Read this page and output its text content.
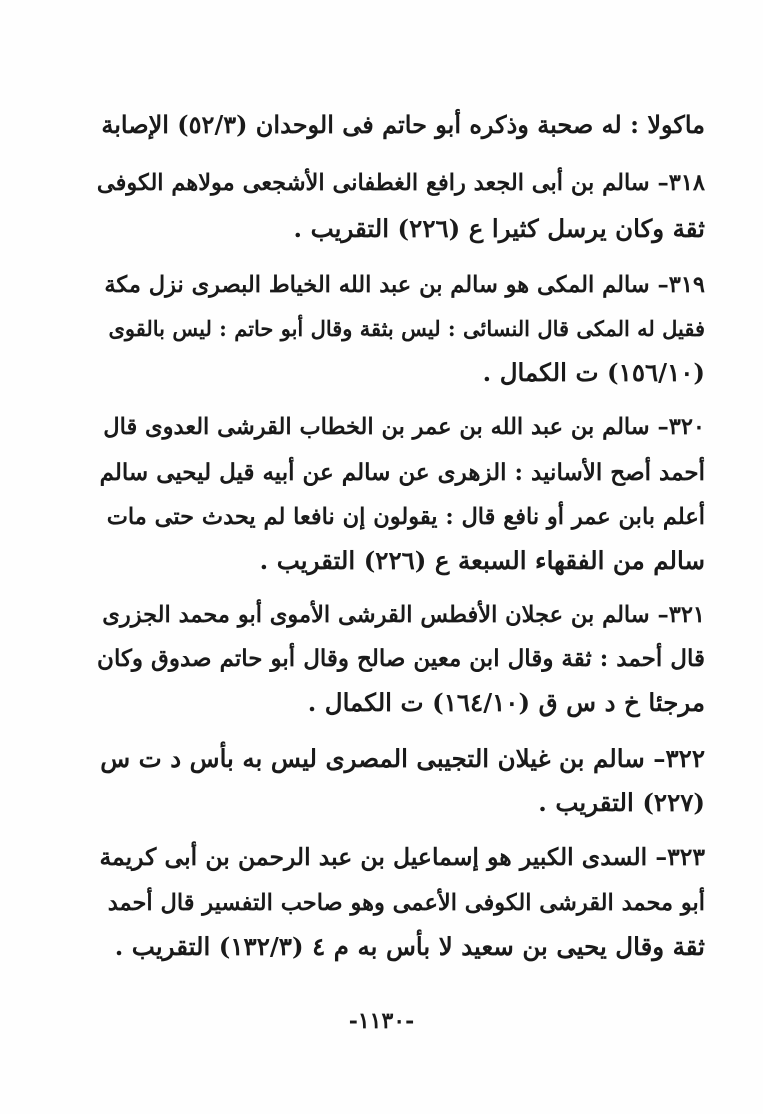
ماكولا : له صحبة وذكره أبو حاتم فى الوحدان (٥٢/٣) الإصابة
٣١٨– سالم بن أبى الجعد رافع الغطفانى الأشجعى مولاهم الكوفى
ثقة وكان يرسل كثيرا ع (٢٢٦) التقريب .
٣١٩– سالم المكى هو سالم بن عبد الله الخياط البصرى نزل مكة
فقيل له المكى قال النسائى : ليس بثقة وقال أبو حاتم : ليس بالقوى
(١٥٦/١٠) ت الكمال .
٣٢٠– سالم بن عبد الله بن عمر بن الخطاب القرشى العدوى قال
أحمد أصح الأسانيد : الزهرى عن سالم عن أبيه قيل ليحيى سالم
أعلم بابن عمر أو نافع قال : يقولون إن نافعا لم يحدث حتى مات
سالم من الفقهاء السبعة ع (٢٢٦) التقريب .
٣٢١– سالم بن عجلان الأفطس القرشى الأموى أبو محمد الجزرى
قال أحمد : ثقة وقال ابن معين صالح وقال أبو حاتم صدوق وكان
مرجئا خ د س ق (١٦٤/١٠) ت الكمال .
٣٢٢– سالم بن غيلان التجيبى المصرى ليس به بأس د ت س
(٢٢٧) التقريب .
٣٢٣– السدى الكبير هو إسماعيل بن عبد الرحمن بن أبى كريمة
أبو محمد القرشى الكوفى الأعمى وهو صاحب التفسير قال أحمد
ثقة وقال يحيى بن سعيد لا بأس به م ٤ (١٣٢/٣) التقريب .
-١١٣٠-
